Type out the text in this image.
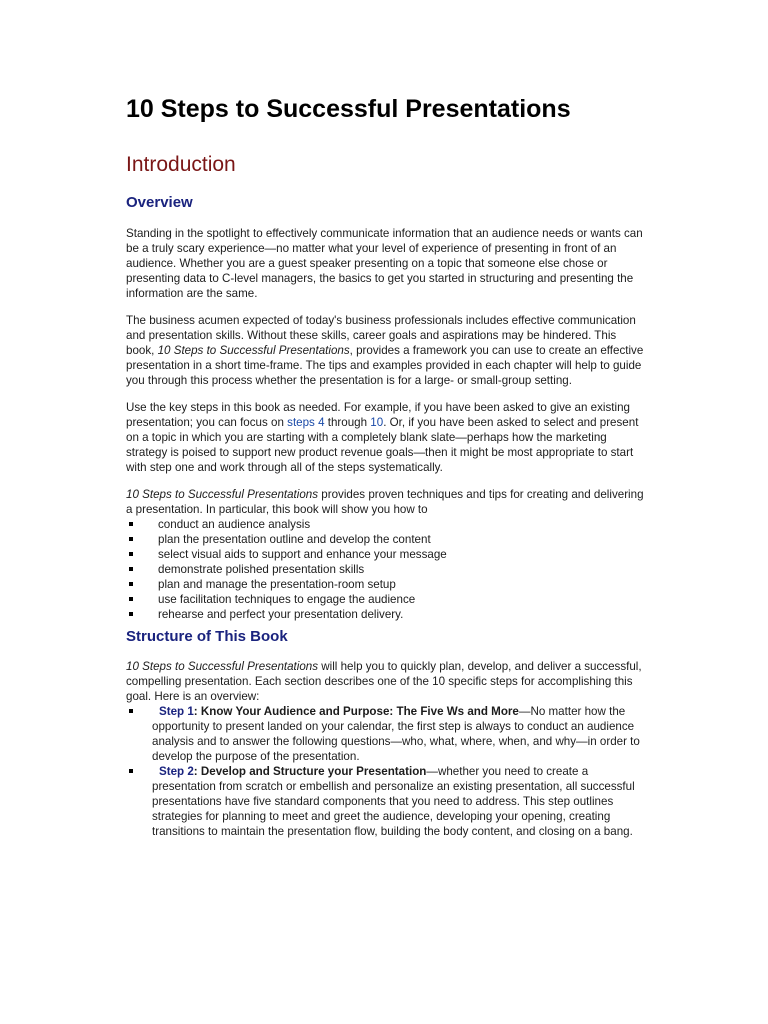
10 Steps to Successful Presentations
Introduction
Overview

Standing in the spotlight to effectively communicate information that an audience needs or wants can be a truly scary experience—no matter what your level of experience of presenting in front of an audience. Whether you are a guest speaker presenting on a topic that someone else chose or presenting data to C-level managers, the basics to get you started in structuring and presenting the information are the same.

The business acumen expected of today's business professionals includes effective communication and presentation skills. Without these skills, career goals and aspirations may be hindered. This book, 10 Steps to Successful Presentations, provides a framework you can use to create an effective presentation in a short time-frame. The tips and examples provided in each chapter will help to guide you through this process whether the presentation is for a large- or small-group setting.

Use the key steps in this book as needed. For example, if you have been asked to give an existing presentation; you can focus on steps 4 through 10. Or, if you have been asked to select and present on a topic in which you are starting with a completely blank slate—perhaps how the marketing strategy is poised to support new product revenue goals—then it might be most appropriate to start with step one and work through all of the steps systematically.

10 Steps to Successful Presentations provides proven techniques and tips for creating and delivering a presentation. In particular, this book will show you how to

conduct an audience analysis
plan the presentation outline and develop the content
select visual aids to support and enhance your message
demonstrate polished presentation skills
plan and manage the presentation-room setup
use facilitation techniques to engage the audience
rehearse and perfect your presentation delivery.
Structure of This Book

10 Steps to Successful Presentations will help you to quickly plan, develop, and deliver a successful, compelling presentation. Each section describes one of the 10 specific steps for accomplishing this goal. Here is an overview:

Step 1: Know Your Audience and Purpose: The Five Ws and More—No matter how the opportunity to present landed on your calendar, the first step is always to conduct an audience analysis and to answer the following questions—who, what, where, when, and why—in order to develop the purpose of the presentation.
Step 2: Develop and Structure your Presentation—whether you need to create a presentation from scratch or embellish and personalize an existing presentation, all successful presentations have five standard components that you need to address. This step outlines strategies for planning to meet and greet the audience, developing your opening, creating transitions to maintain the presentation flow, building the body content, and closing on a bang.
